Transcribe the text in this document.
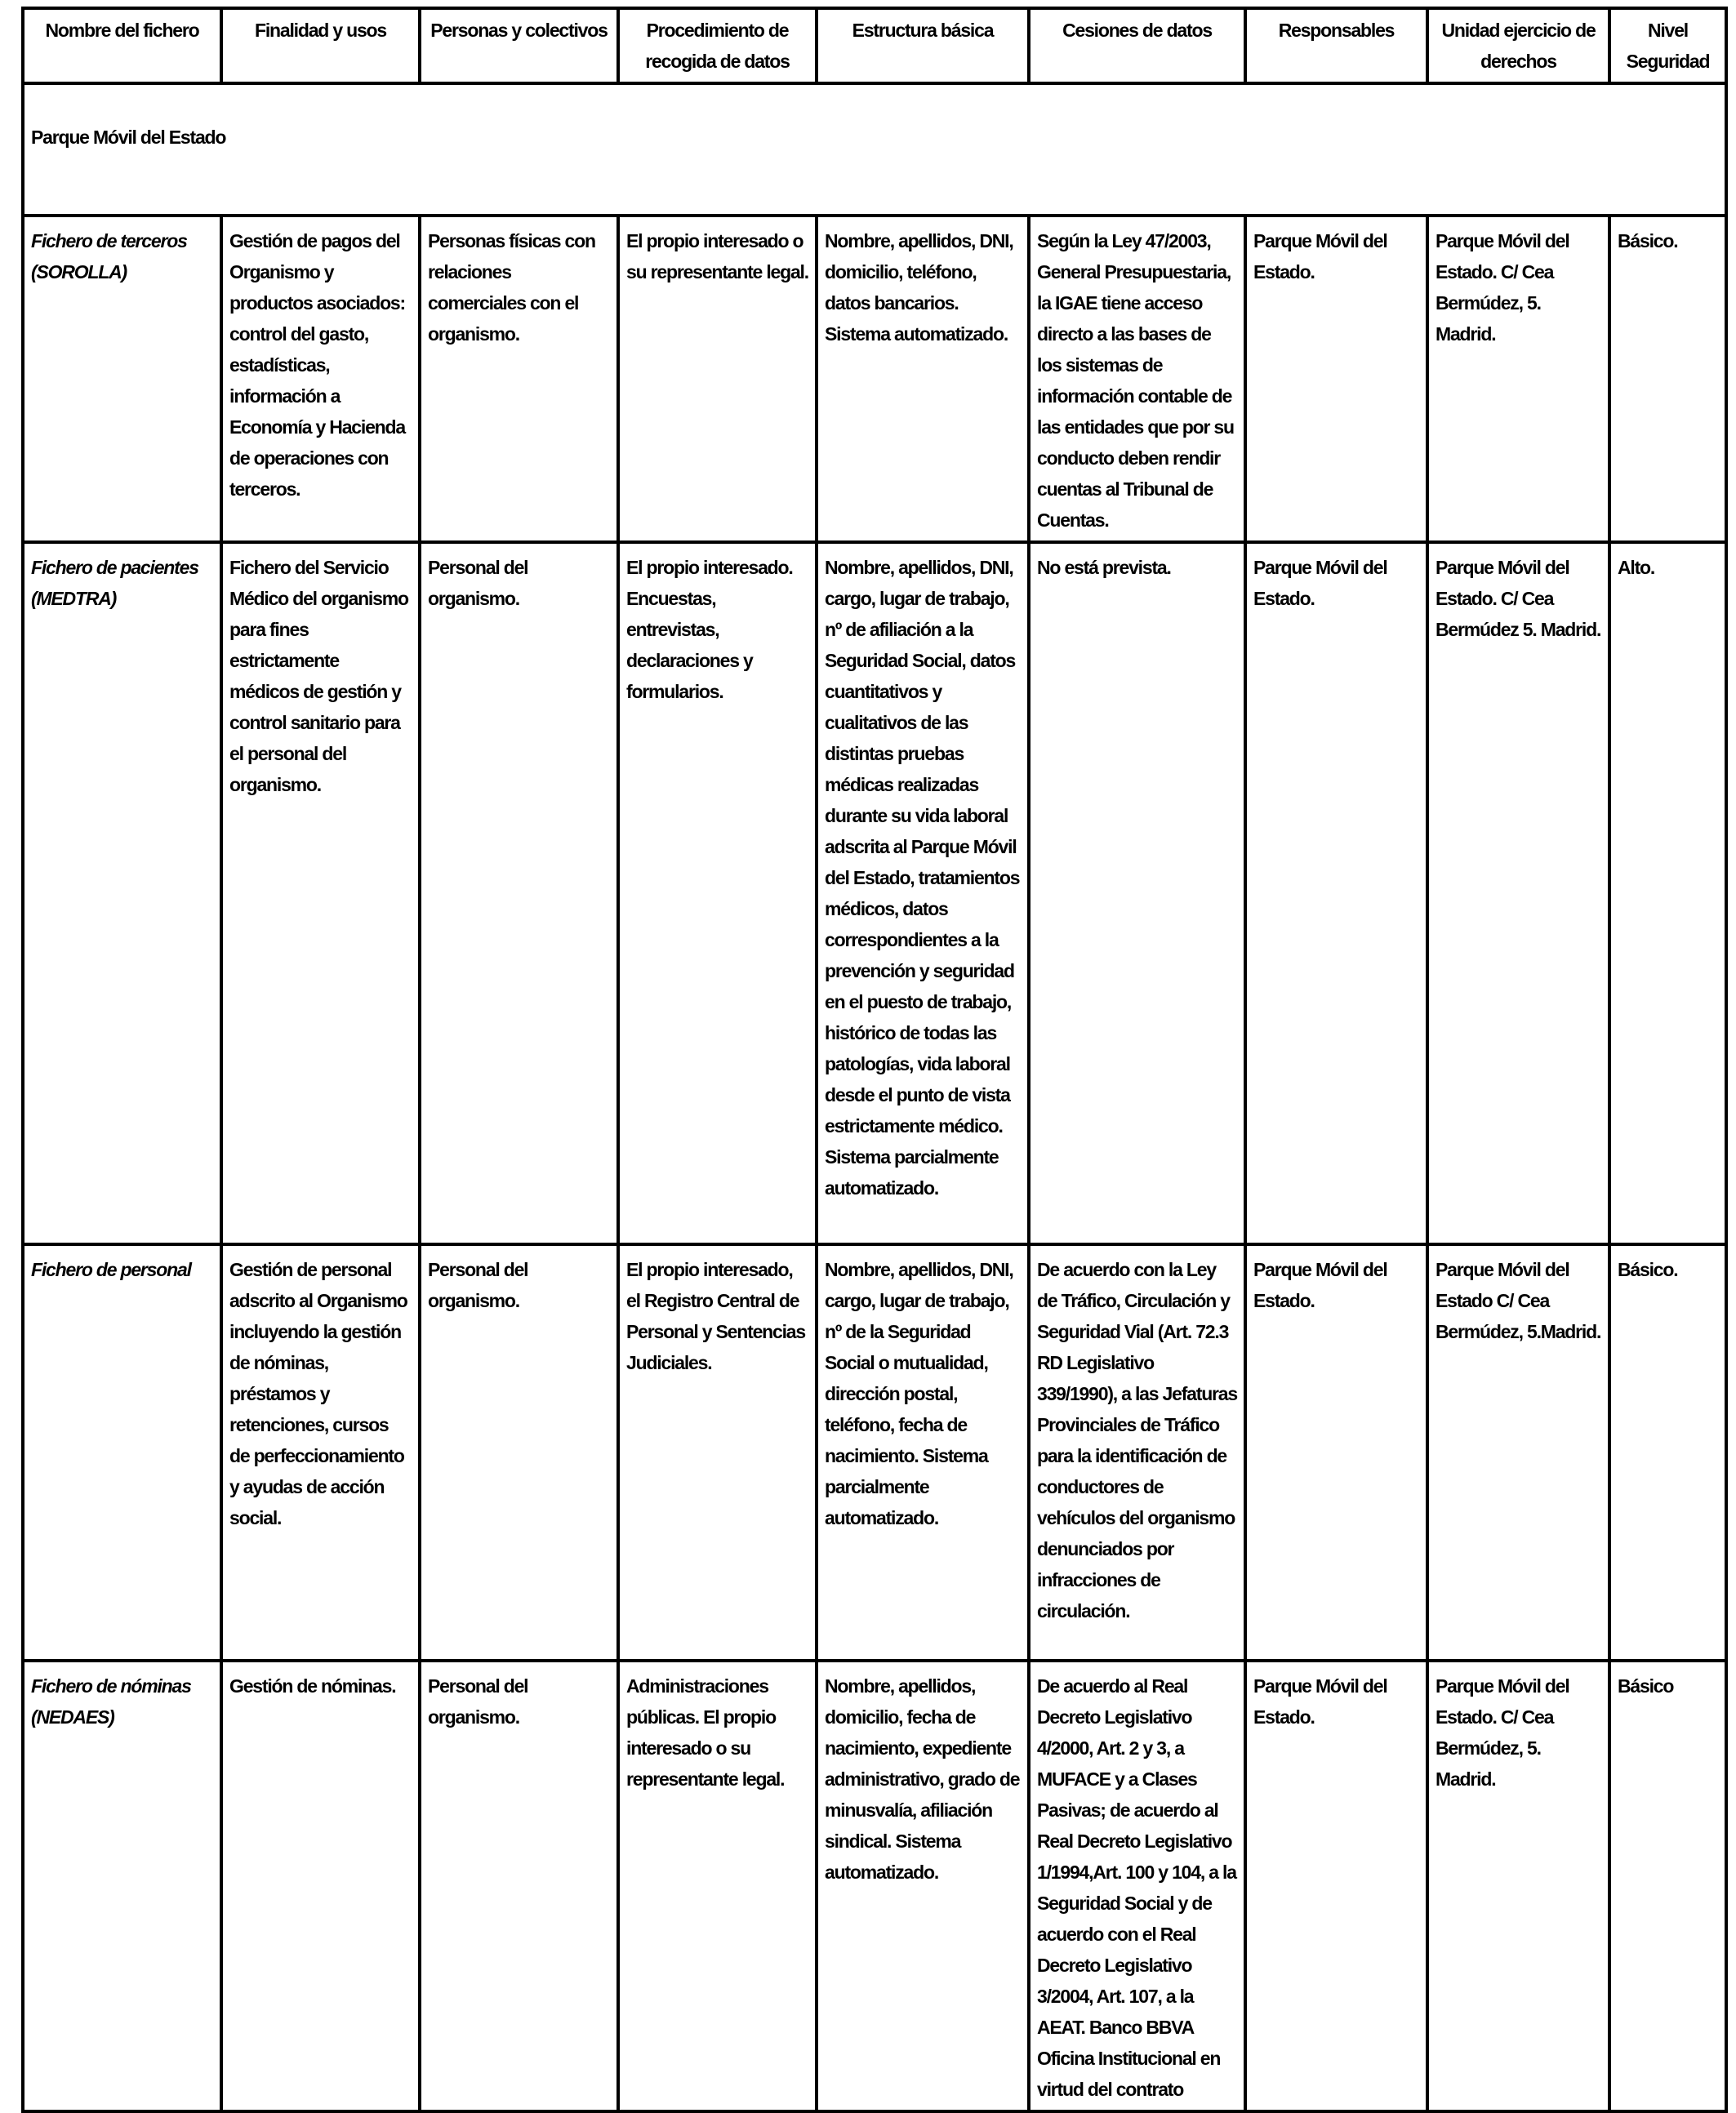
Nombre del fichero	Finalidad y usos	Personas y colectivos	Procedimiento de recogida de datos	Estructura básica	Cesiones de datos	Responsables	Unidad ejercicio de derechos	Nivel Seguridad
Parque Móvil del Estado								
Fichero de terceros (SOROLLA)	Gestión de pagos del Organismo y productos asociados: control del gasto, estadísticas, información a Economía y Hacienda de operaciones con terceros.	Personas físicas con relaciones comerciales con el organismo.	El propio interesado o su representante legal.	Nombre, apellidos, DNI, domicilio, teléfono, datos bancarios. Sistema automatizado.	Según la Ley 47/2003, General Presupuestaria, la IGAE tiene acceso directo a las bases de los sistemas de información contable de las entidades que por su conducto deben rendir cuentas al Tribunal de Cuentas.	Parque Móvil del Estado.	Parque Móvil del Estado. C/ Cea Bermúdez, 5. Madrid.	Básico.
Fichero de pacientes (MEDTRA)	Fichero del Servicio Médico del organismo para fines estrictamente médicos de gestión y control sanitario para el personal del organismo.	Personal del organismo.	El propio interesado. Encuestas, entrevistas, declaraciones y formularios.	Nombre, apellidos, DNI, cargo, lugar de trabajo, nº de afiliación a la Seguridad Social, datos cuantitativos y cualitativos de las distintas pruebas médicas realizadas durante su vida laboral adscrita al Parque Móvil del Estado, tratamientos médicos, datos correspondientes a la prevención y seguridad en el puesto de trabajo, histórico de todas las patologías, vida laboral desde el punto de vista estrictamente médico. Sistema parcialmente automatizado.	No está prevista.	Parque Móvil del Estado.	Parque Móvil del Estado. C/ Cea Bermúdez 5. Madrid.	Alto.
Fichero de personal	Gestión de personal adscrito al Organismo incluyendo la gestión de nóminas, préstamos y retenciones, cursos de perfeccionamiento y ayudas de acción social.	Personal del organismo.	El propio interesado, el Registro Central de Personal y Sentencias Judiciales.	Nombre, apellidos, DNI, cargo, lugar de trabajo, nº de la Seguridad Social o mutualidad, dirección postal, teléfono, fecha de nacimiento. Sistema parcialmente automatizado.	De acuerdo con la Ley de Tráfico, Circulación y Seguridad Vial (Art. 72.3 RD Legislativo 339/1990), a las Jefaturas Provinciales de Tráfico para la identificación de conductores de vehículos del organismo denunciados por infracciones de circulación.	Parque Móvil del Estado.	Parque Móvil del Estado C/ Cea Bermúdez, 5.Madrid.	Básico.
Fichero de nóminas (NEDAES)	Gestión de nóminas.	Personal del organismo.	Administraciones públicas. El propio interesado o su representante legal.	Nombre, apellidos, domicilio, fecha de nacimiento, expediente administrativo, grado de minusvalía, afiliación sindical. Sistema automatizado.	De acuerdo al Real Decreto Legislativo 4/2000, Art. 2 y 3, a MUFACE y a Clases Pasivas; de acuerdo al Real Decreto Legislativo 1/1994,Art. 100 y 104, a la Seguridad Social y de acuerdo con el Real Decreto Legislativo 3/2004, Art. 107, a la AEAT. Banco BBVA Oficina Institucional en virtud del contrato	Parque Móvil del Estado.	Parque Móvil del Estado. C/ Cea Bermúdez, 5. Madrid.	Básico
